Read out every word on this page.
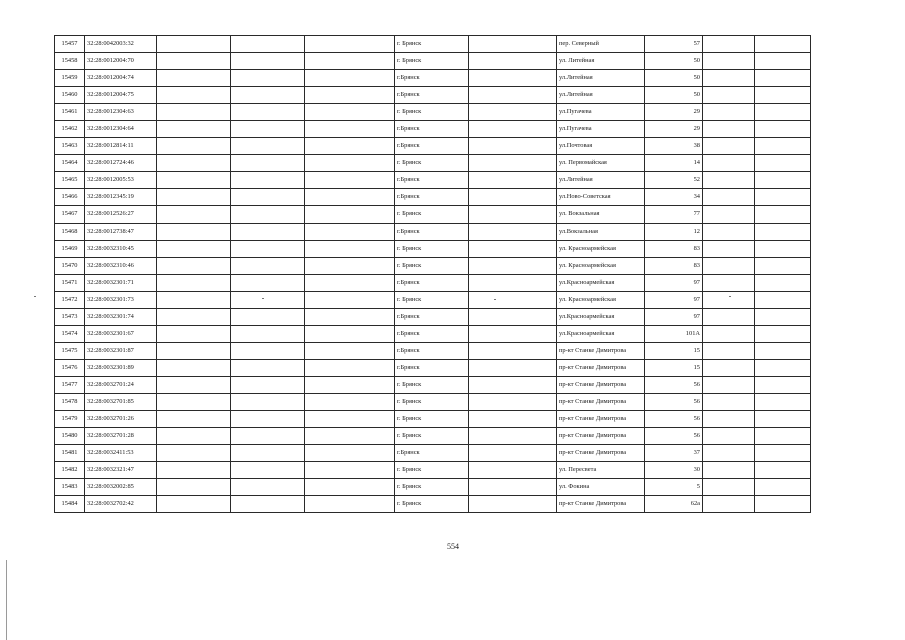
15457	32:28:0042003:32				г. Брянск		пер. Северный	57		
15458	32:28:0012004:70				г. Брянск		ул. Литейная	50		
15459	32:28:0012004:74				г.Брянск		ул.Литейная	50		
15460	32:28:0012004:75				г.Брянск		ул.Литейная	50		
15461	32:28:0012304:63				г. Брянск		ул.Пугачева	29		
15462	32:28:0012304:64				г.Брянск		ул.Пугачева	29		
15463	32:28:0012814:11				г.Брянск		ул.Почтовая	38		
15464	32:28:0012724:46				г. Брянск		ул. Первомайская	14		
15465	32:28:0012005:53				г.Брянск		ул.Литейная	52		
15466	32:28:0012345:19				г.Брянск		ул.Ново-Советская	34		
15467	32:28:0012526:27				г. Брянск		ул. Вокзальная	77		
15468	32:28:0012738:47				г.Брянск		ул.Вокзальная	12		
15469	32:28:0032310:45				г. Брянск		ул. Красноармейская	83		
15470	32:28:0032310:46				г. Брянск		ул. Красноармейская	83		
15471	32:28:0032301:71				г.Брянск		ул.Красноармейская	97		
15472	32:28:0032301:73				г. Брянск		ул. Красноармейская	97		
15473	32:28:0032301:74				г.Брянск		ул.Красноармейская	97		
15474	32:28:0032301:67				г.Брянск		ул.Красноармейская	101А		
15475	32:28:0032301:87				г.Брянск		пр-кт Станке Димитрова	15		
15476	32:28:0032301:89				г.Брянск		пр-кт Станке Димитрова	15		
15477	32:28:0032701:24				г. Брянск		пр-кт Станке Димитрова	56		
15478	32:28:0032701:85				г. Брянск		пр-кт Станке Димитрова	56		
15479	32:28:0032701:26				г. Брянск		пр-кт Станке Димитрова	56		
15480	32:28:0032701:28				г. Брянск		пр-кт Станке Димитрова	56		
15481	32:28:0032411:53				г.Брянск		пр-кт Станке Димитрова	37		
15482	32:28:0032321:47				г. Брянск		ул. Пересвета	30		
15483	32:28:0032002:85				г. Брянск		ул. Фокина	5		
15484	32:28:0032702:42				г. Брянск		пр-кт Станке Димитрова	62а		
554
